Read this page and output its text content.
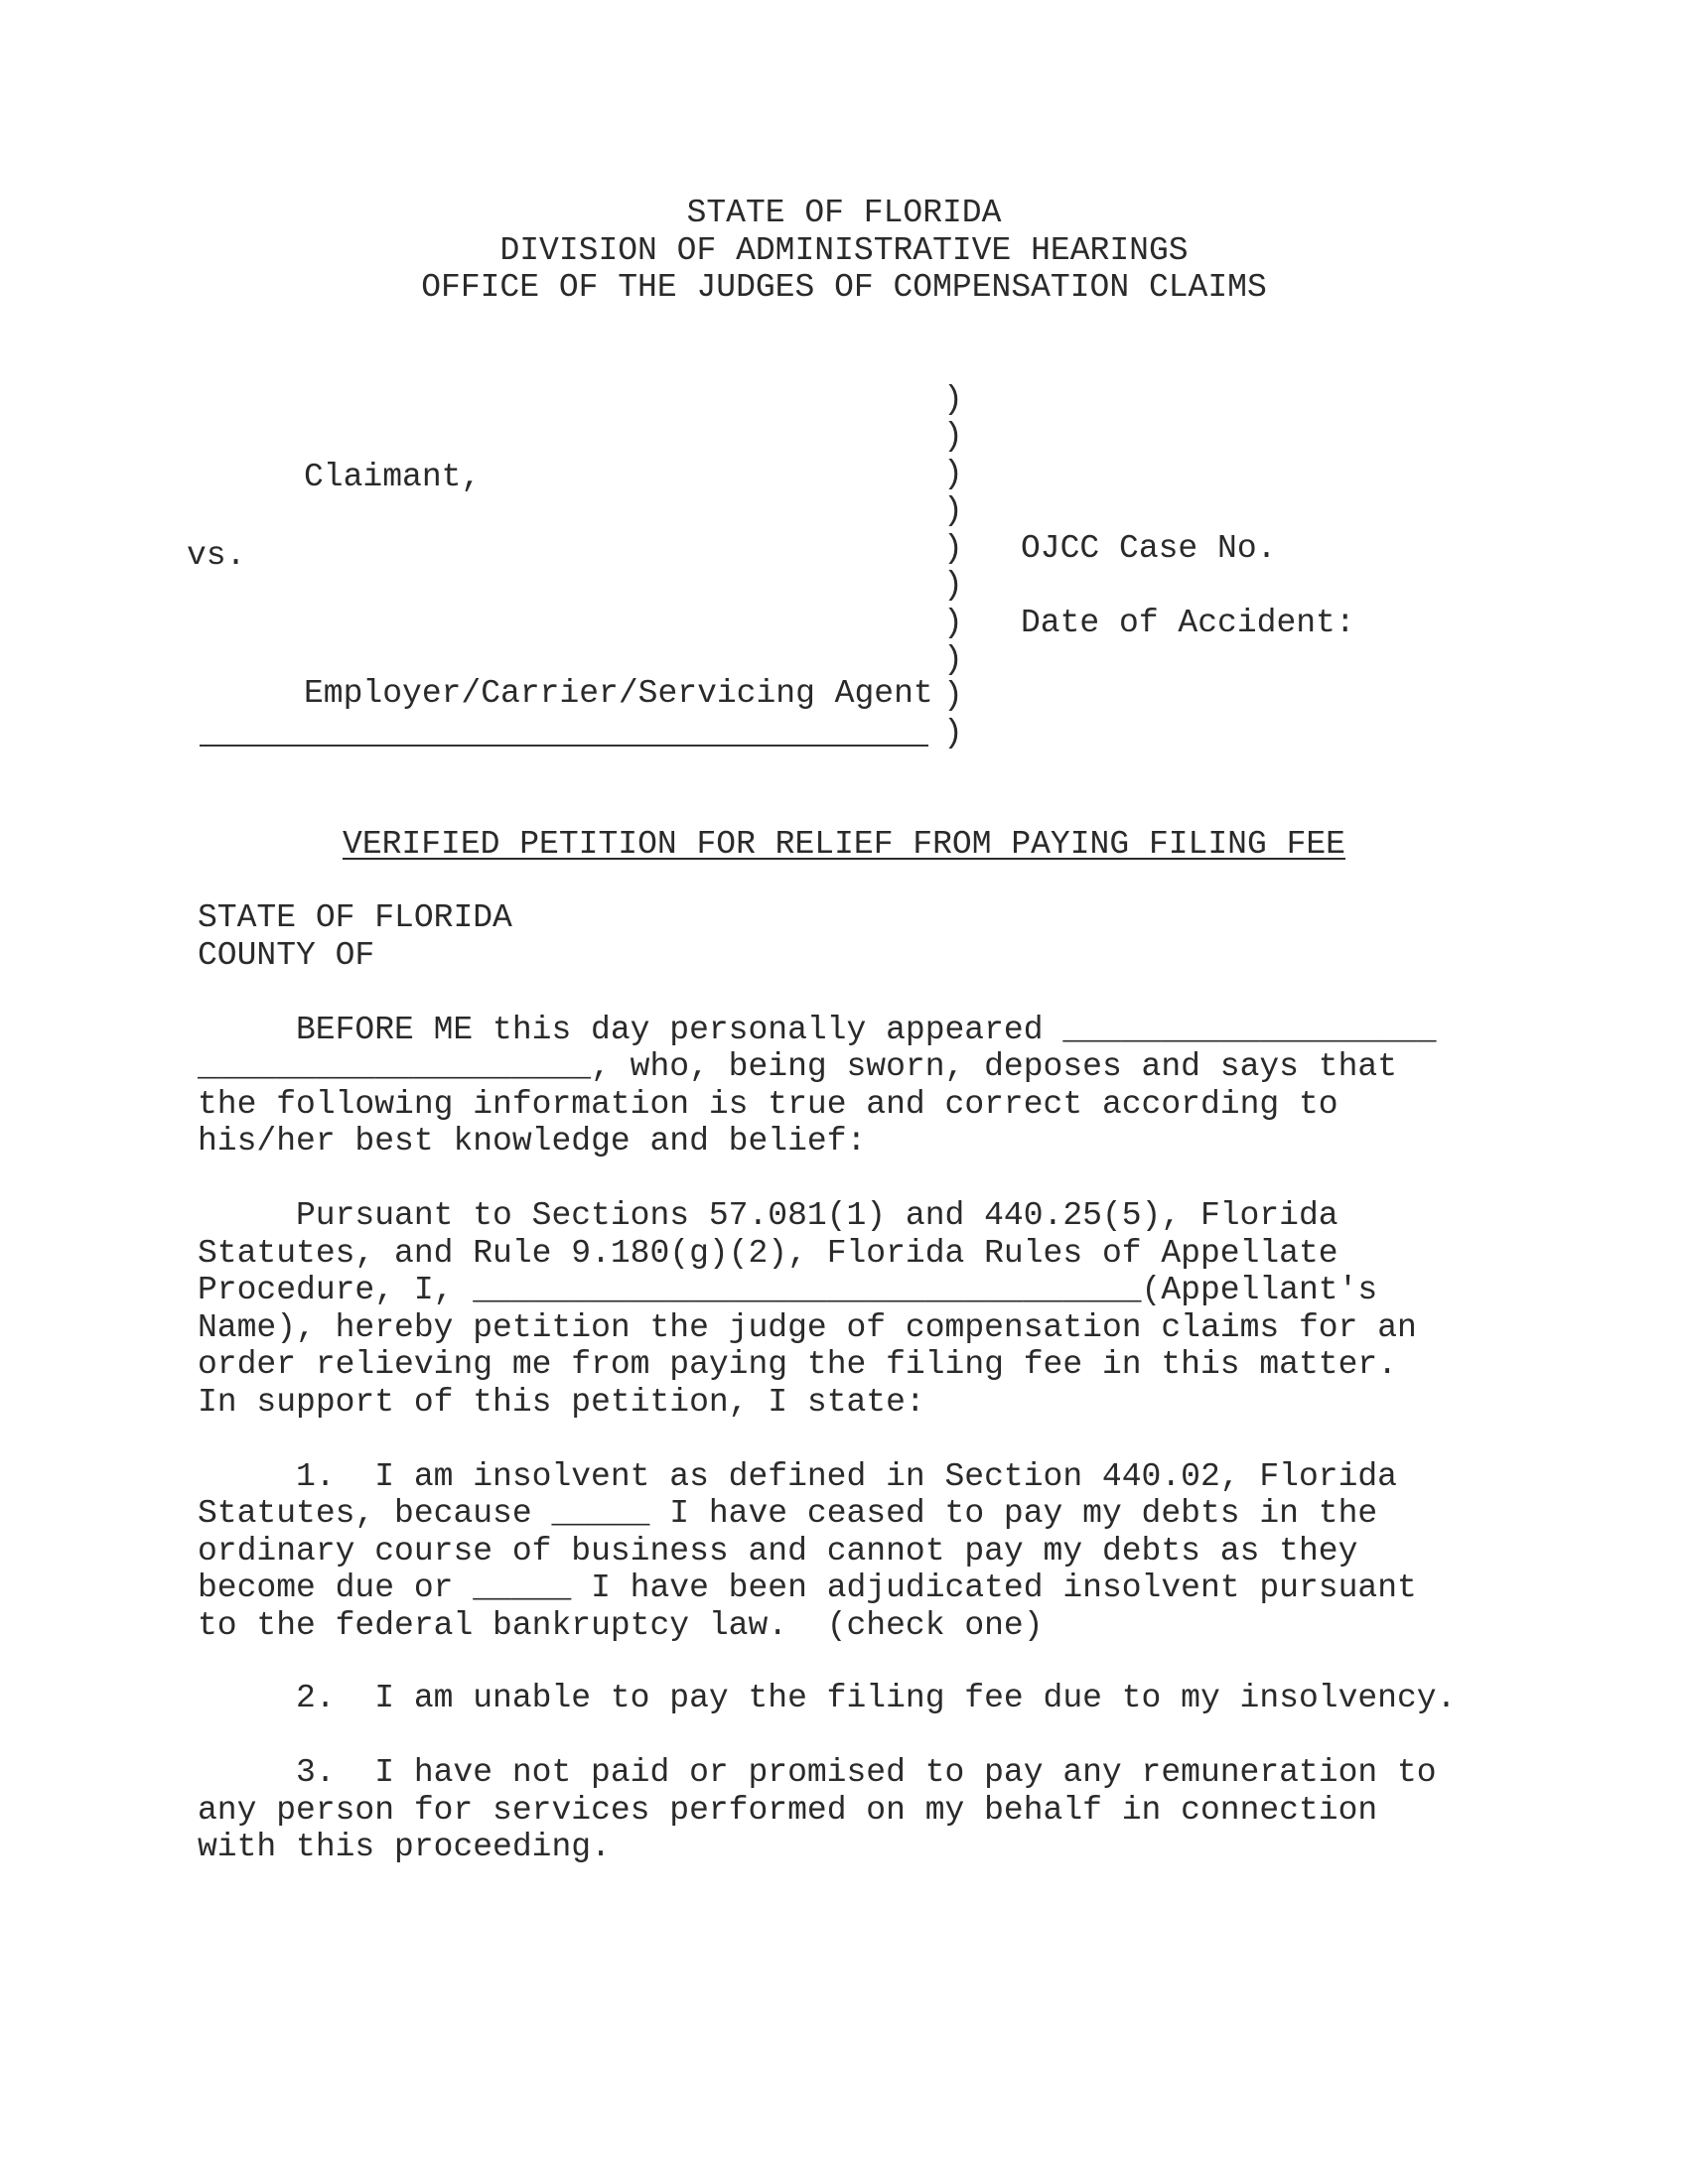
STATE OF FLORIDA
DIVISION OF ADMINISTRATIVE HEARINGS
OFFICE OF THE JUDGES OF COMPENSATION CLAIMS
)
)
)
)
)
)
)
)
)
)
Claimant,
vs.
Employer/Carrier/Servicing Agent
OJCC Case No.
Date of Accident:
VERIFIED PETITION FOR RELIEF FROM PAYING FILING FEE
STATE OF FLORIDA
COUNTY OF
BEFORE ME this day personally appeared ___________________
____________________, who, being sworn, deposes and says that
the following information is true and correct according to
his/her best knowledge and belief:
Pursuant to Sections 57.081(1) and 440.25(5), Florida
Statutes, and Rule 9.180(g)(2), Florida Rules of Appellate
Procedure, I, __________________________________(Appellant's
Name), hereby petition the judge of compensation claims for an
order relieving me from paying the filing fee in this matter.
In support of this petition, I state:
1.  I am insolvent as defined in Section 440.02, Florida
Statutes, because _____ I have ceased to pay my debts in the
ordinary course of business and cannot pay my debts as they
become due or _____ I have been adjudicated insolvent pursuant
to the federal bankruptcy law.  (check one)
2.  I am unable to pay the filing fee due to my insolvency.
3.  I have not paid or promised to pay any remuneration to
any person for services performed on my behalf in connection
with this proceeding.
